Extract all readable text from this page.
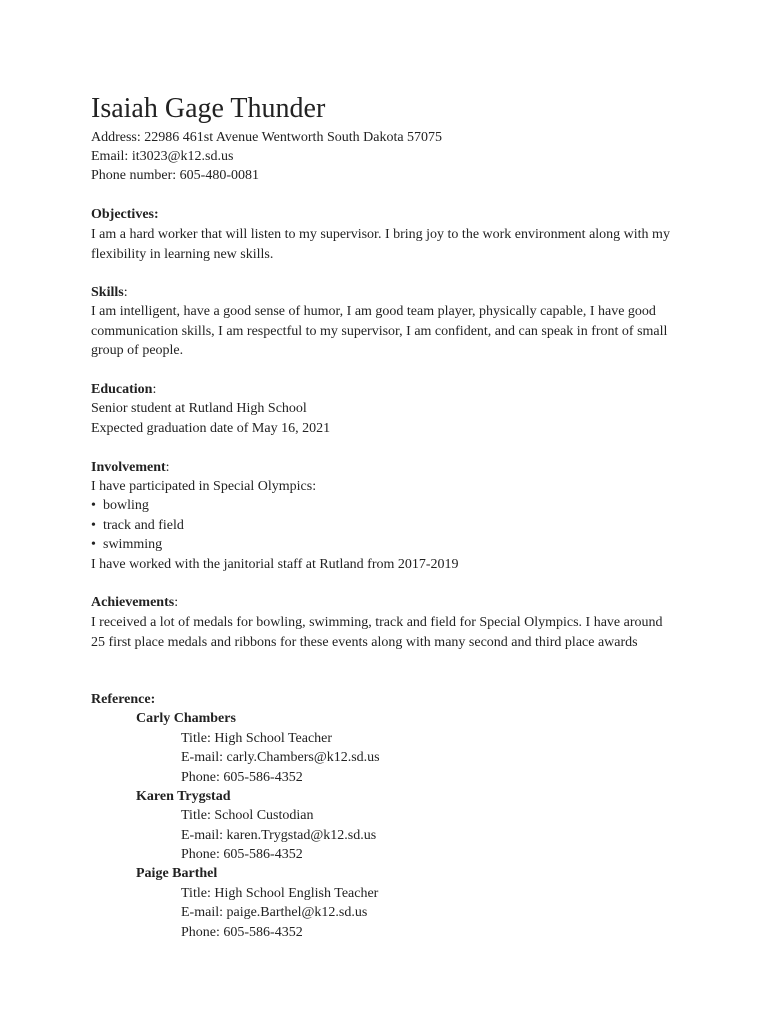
Isaiah Gage Thunder
Address: 22986 461st Avenue Wentworth South Dakota 57075
Email: it3023@k12.sd.us
Phone number: 605-480-0081
Objectives:
I am a hard worker that will listen to my supervisor. I bring joy to the work environment along with my flexibility in learning new skills.
Skills:
I am intelligent, have a good sense of humor, I am good team player, physically capable, I have good communication skills, I am respectful to my supervisor, I am confident, and can speak in front of small group of people.
Education:
Senior student at Rutland High School
Expected graduation date of May 16, 2021
Involvement:
I have participated in Special Olympics:
• bowling
• track and field
• swimming
I have worked with the janitorial staff at Rutland from 2017-2019
Achievements:
I received a lot of medals for bowling, swimming, track and field for Special Olympics. I have around 25 first place medals and ribbons for these events along with many second and third place awards
Reference:
Carly Chambers
Title: High School Teacher
E-mail: carly.Chambers@k12.sd.us
Phone: 605-586-4352
Karen Trygstad
Title: School Custodian
E-mail: karen.Trygstad@k12.sd.us
Phone: 605-586-4352
Paige Barthel
Title: High School English Teacher
E-mail: paige.Barthel@k12.sd.us
Phone: 605-586-4352
